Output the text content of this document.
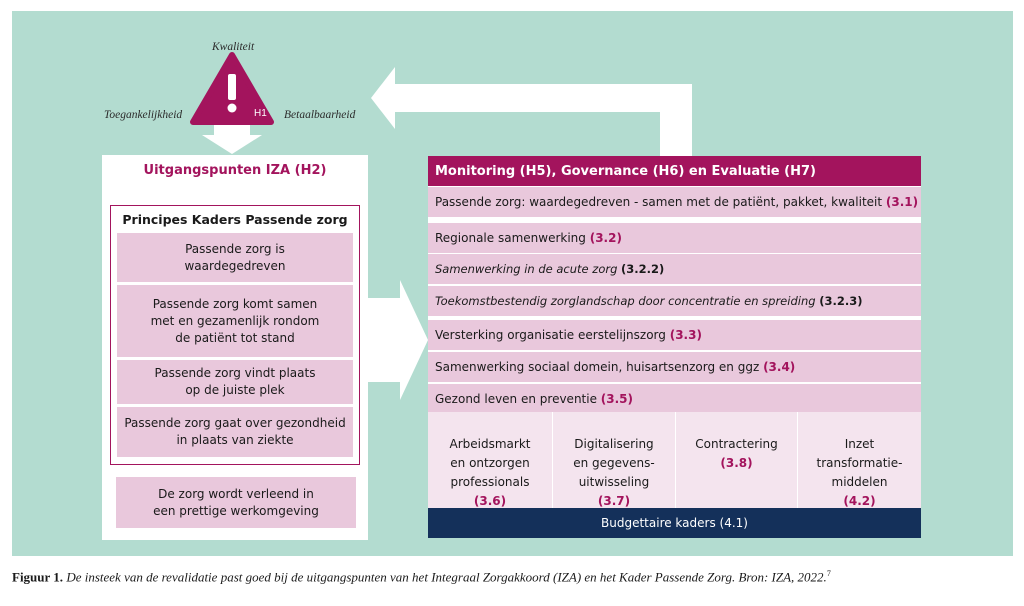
Kwaliteit
Toegankelijkheid	Betaalbaarheid
H1
Uitgangspunten IZA (H2)
Principes Kaders Passende zorg
Passende zorg is
waardegedreven
Passende zorg komt samen
met en gezamenlijk rondom
de patiënt tot stand
Passende zorg vindt plaats
op de juiste plek
Passende zorg gaat over gezondheid
in plaats van ziekte
De zorg wordt verleend in
een prettige werkomgeving
Monitoring (H5), Governance (H6) en Evaluatie (H7)
Passende zorg: waardegedreven - samen met de patiënt, pakket, kwaliteit (3.1)
Regionale samenwerking (3.2)
Samenwerking in de acute zorg (3.2.2)
Toekomstbestendig zorglandschap door concentratie en spreiding (3.2.3)
Versterking organisatie eerstelijnszorg (3.3)
Samenwerking sociaal domein, huisartsenzorg en ggz (3.4)
Gezond leven en preventie (3.5)

Arbeidsmarkt
en ontzorgen
professionals

(3.6)

Digitalisering
en gegevens-
uitwisseling

(3.7)

Contractering

(3.8)

Inzet
transformatie-
middelen

(4.2)

Budgettaire kaders (4.1)
Figuur 1. De insteek van de revalidatie past goed bij de uitgangspunten van het Integraal Zorgakkoord (IZA) en het Kader Passende Zorg. Bron: IZA, 2022.$^7$
